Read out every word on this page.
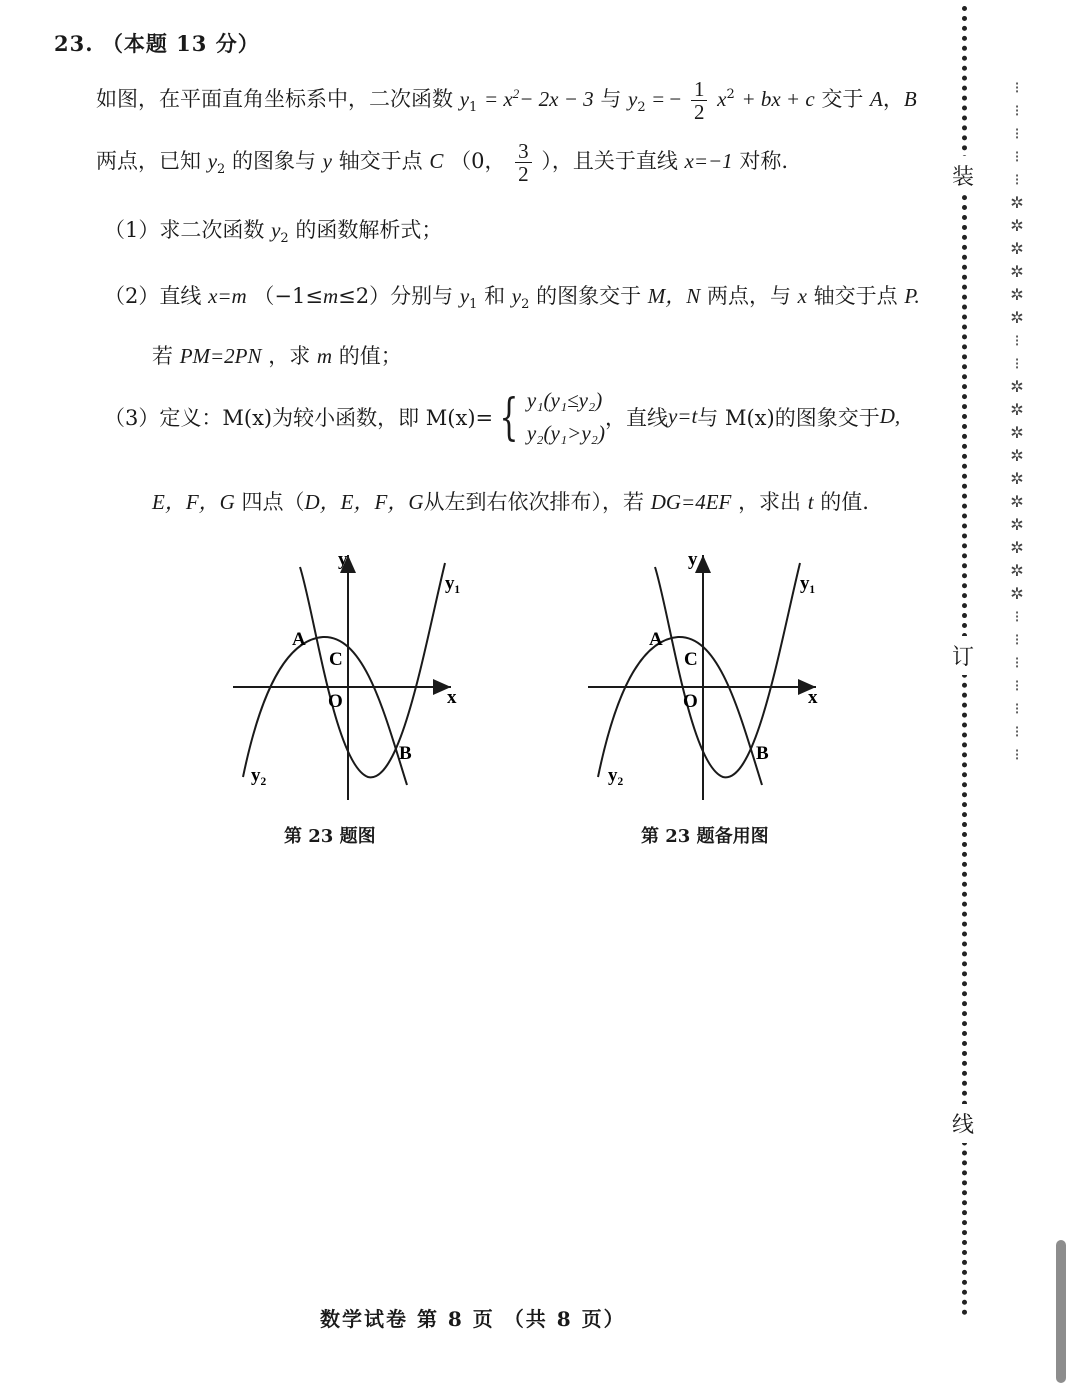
23. （本题 13 分）
如图，在平面直角坐标系中，二次函数 $y_1 = x^2- 2x - 3$ 与 $y_2$ = − $\frac{1}{2} x^2$ + bx + c 交于 A，B
两点，已知 $y_2$ 的图象与 y 轴交于点 C （0， $\frac{3}{2}$ ），且关于直线 x=−1 对称.
（1）求二次函数 $y_2$ 的函数解析式；
（2）直线 x=m （−1≤m≤2）分别与 $y_1$ 和 $y_2$ 的图象交于 M，N 两点，与 x 轴交于点 P.
若 PM=2PN ，求 m 的值；
（3） 定义：M(x)为较小函数，即 M(x)= { y₁(y₁≤y₂)
y₂(y₁>y₂)
，直线 y=t 与 M(x)的图象交于 D,
E，F，G 四点（D，E，F，G从左到右依次排布），若 DG=4EF ，求出 t 的值.
y
x
O
A
C
B
y₁
y₂
第 23 题图
y
x
O
A
C
B
y₁
y₂
第 23 题备用图
数学试卷 第 8 页 （共 8 页）
装
订
线
⁝
⁝
⁝
⁝
⁝
✲
✲
✲
✲
✲
✲
⁝
⁝
✲
✲
✲
✲
✲
✲
✲
✲
✲
✲
⁝
⁝
⁝
⁝
⁝
⁝
⁝
